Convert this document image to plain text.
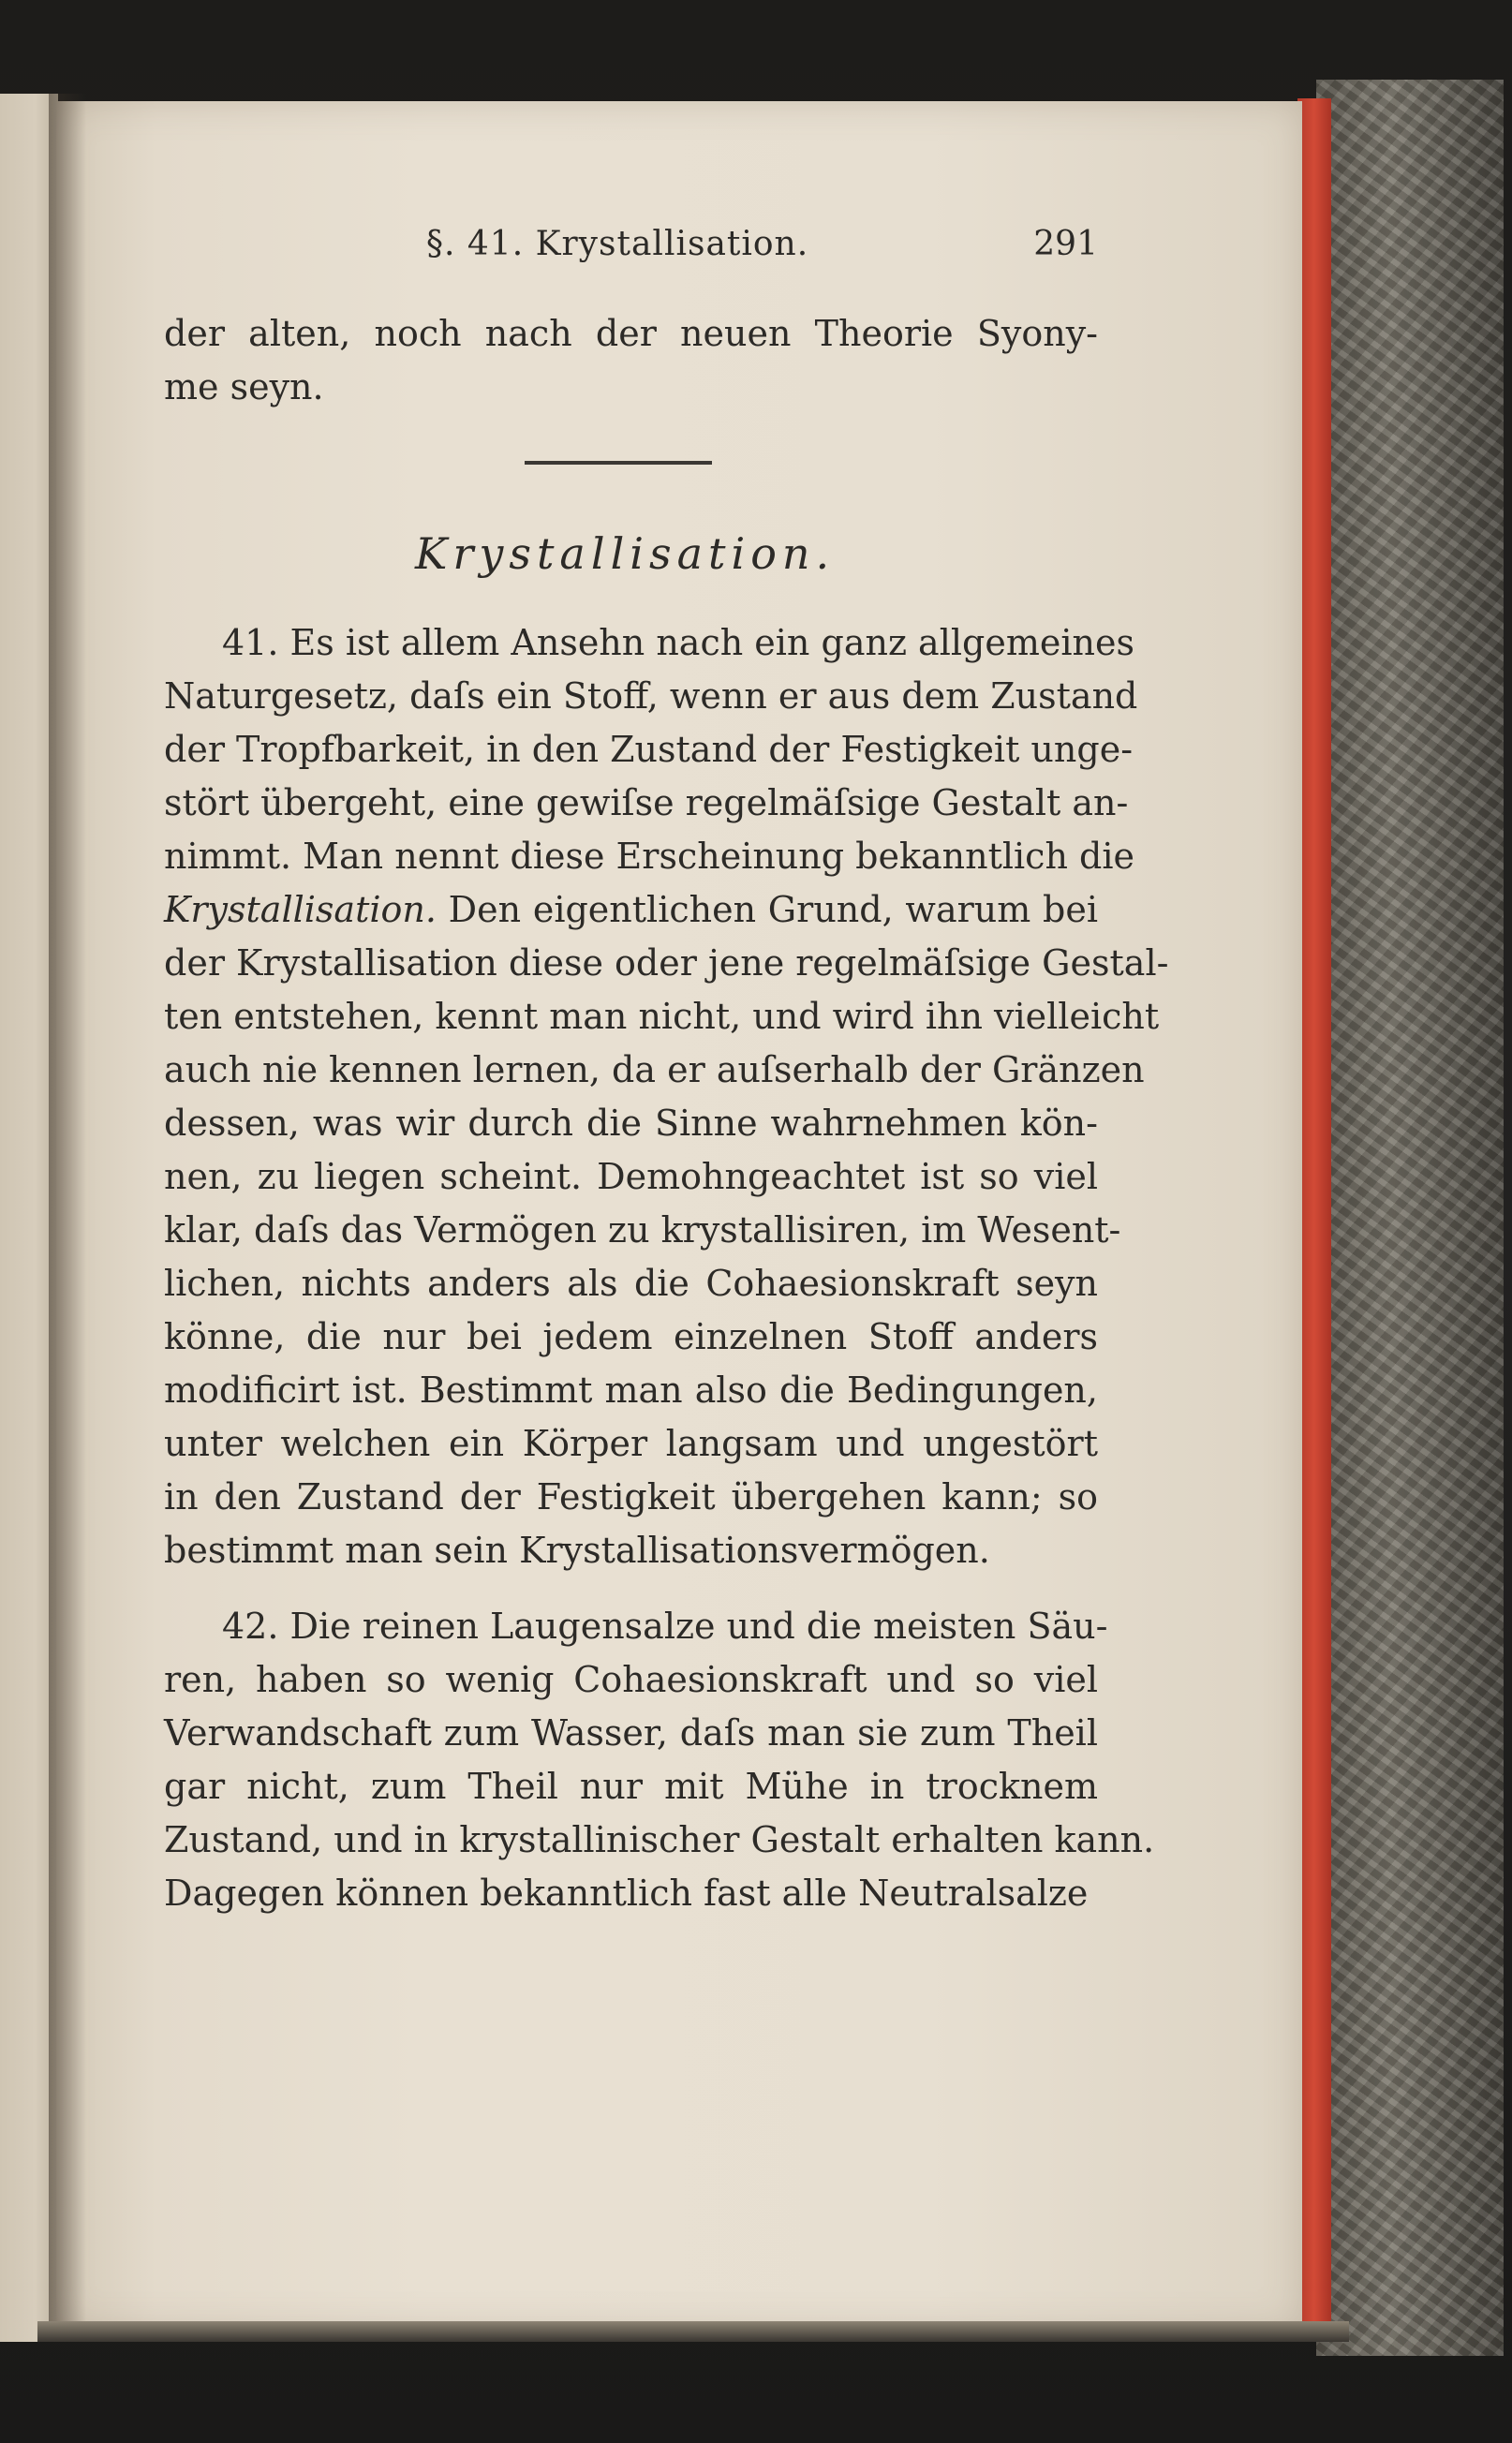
§. 41. Krystallisation.	291
der alten, noch nach der neuen Theorie Syony-
me seyn.
Krystallisation.
41. Es ist allem Ansehn nach ein ganz allgemeines
Naturgesetz, daſs ein Stoff, wenn er aus dem Zustand
der Tropfbarkeit, in den Zustand der Festigkeit unge-
stört übergeht, eine gewiſse regelmäſsige Gestalt an-
nimmt. Man nennt diese Erscheinung bekanntlich die
Krystallisation. Den eigentlichen Grund, warum bei
der Krystallisation diese oder jene regelmäſsige Gestal-
ten entstehen, kennt man nicht, und wird ihn vielleicht
auch nie kennen lernen, da er auſserhalb der Gränzen
dessen, was wir durch die Sinne wahrnehmen kön-
nen, zu liegen scheint. Demohngeachtet ist so viel
klar, daſs das Vermögen zu krystallisiren, im Wesent-
lichen, nichts anders als die Cohaesionskraft seyn
könne, die nur bei jedem einzelnen Stoff anders
modificirt ist. Bestimmt man also die Bedingungen,
unter welchen ein Körper langsam und ungestört
in den Zustand der Festigkeit übergehen kann; so
bestimmt man sein Krystallisationsvermögen.
42. Die reinen Laugensalze und die meisten Säu-
ren, haben so wenig Cohaesionskraft und so viel
Verwandschaft zum Wasser, daſs man sie zum Theil
gar nicht, zum Theil nur mit Mühe in trocknem
Zustand, und in krystallinischer Gestalt erhalten kann.
Dagegen können bekanntlich fast alle Neutralsalze
